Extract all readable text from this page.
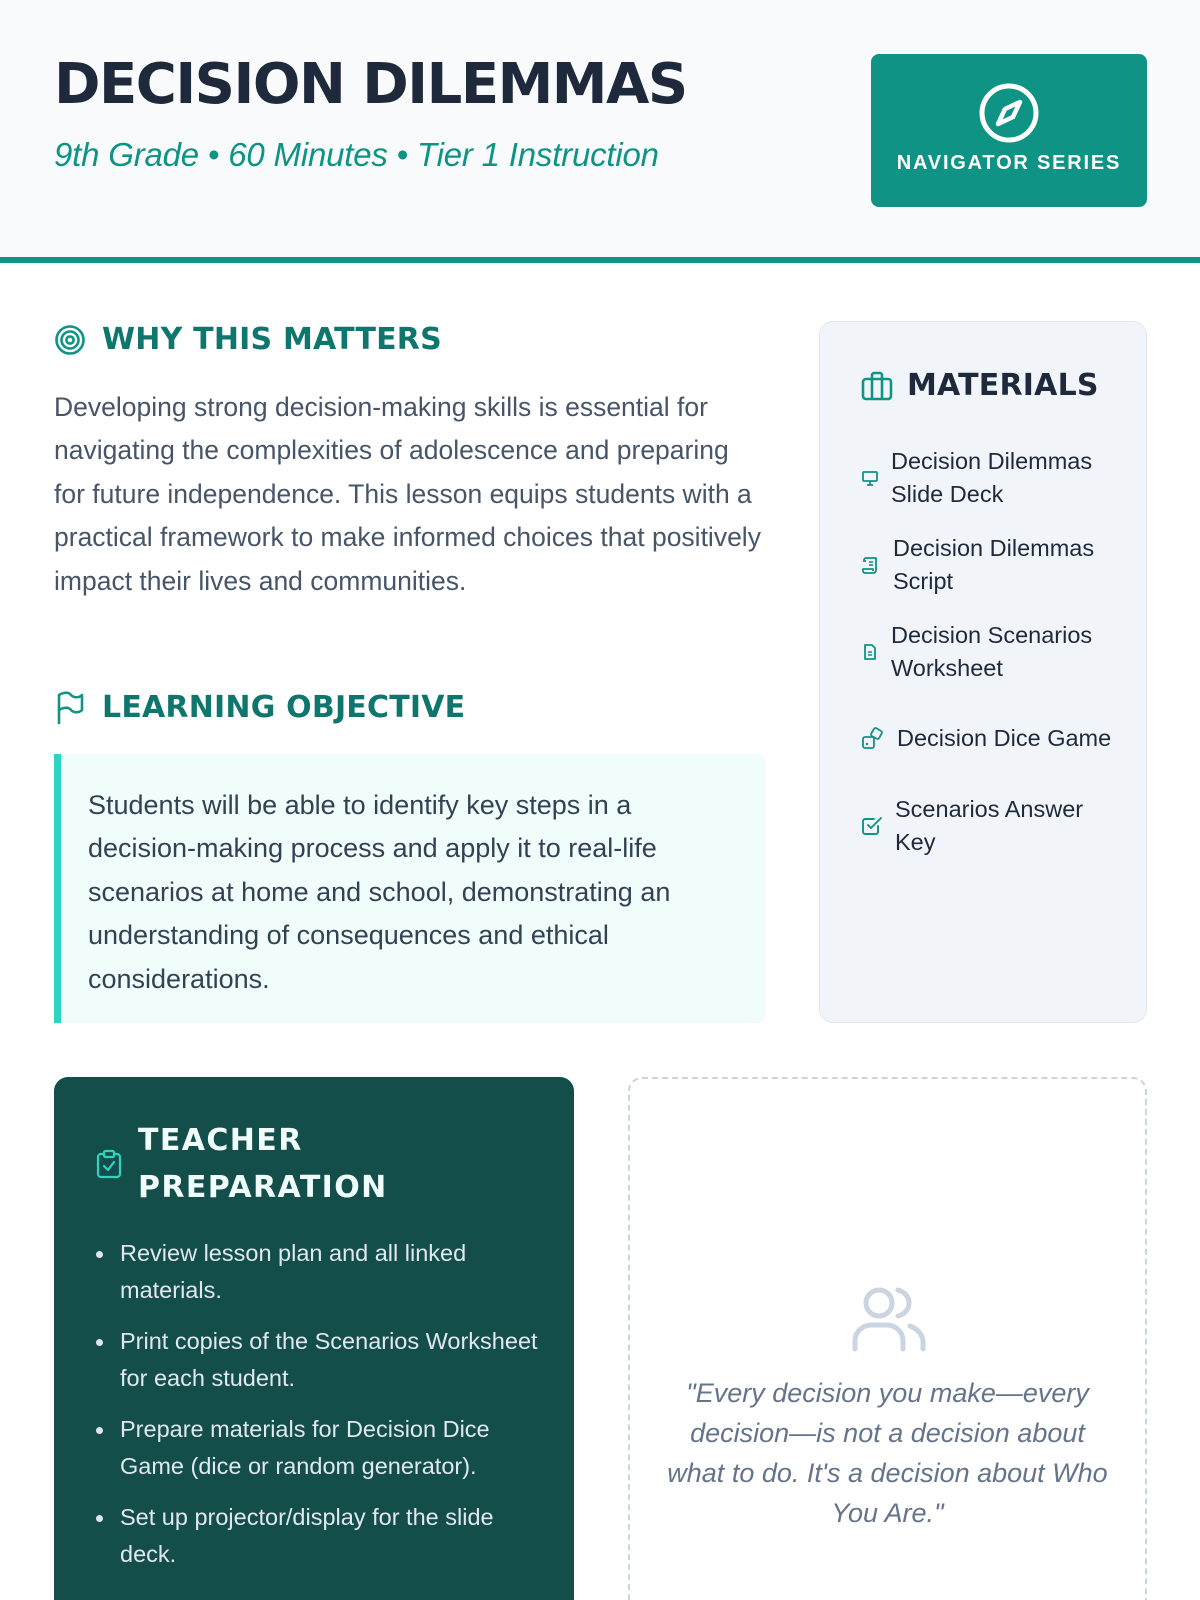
DECISION DILEMMAS
9th Grade • 60 Minutes • Tier 1 Instruction	NAVIGATOR SERIES
WHY THIS MATTERS

Developing strong decision-making skills is essential for navigating the complexities of adolescence and preparing for future independence. This lesson equips students with a practical framework to make informed choices that positively impact their lives and communities.

LEARNING OBJECTIVE

Students will be able to identify key steps in a decision-making process and apply it to real-life scenarios at home and school, demonstrating an understanding of consequences and ethical considerations.

MATERIALS
Decision Dilemmas Slide Deck
Decision Dilemmas Script
Decision Scenarios Worksheet
Decision Dice Game
Scenarios Answer Key
TEACHER PREPARATION
Review lesson plan and all linked materials.
Print copies of the Scenarios Worksheet for each student.
Prepare materials for Decision Dice Game (dice or random generator).
Set up projector/display for the slide deck.

"Every decision you make—every decision—is not a decision about what to do. It's a decision about Who You Are."
